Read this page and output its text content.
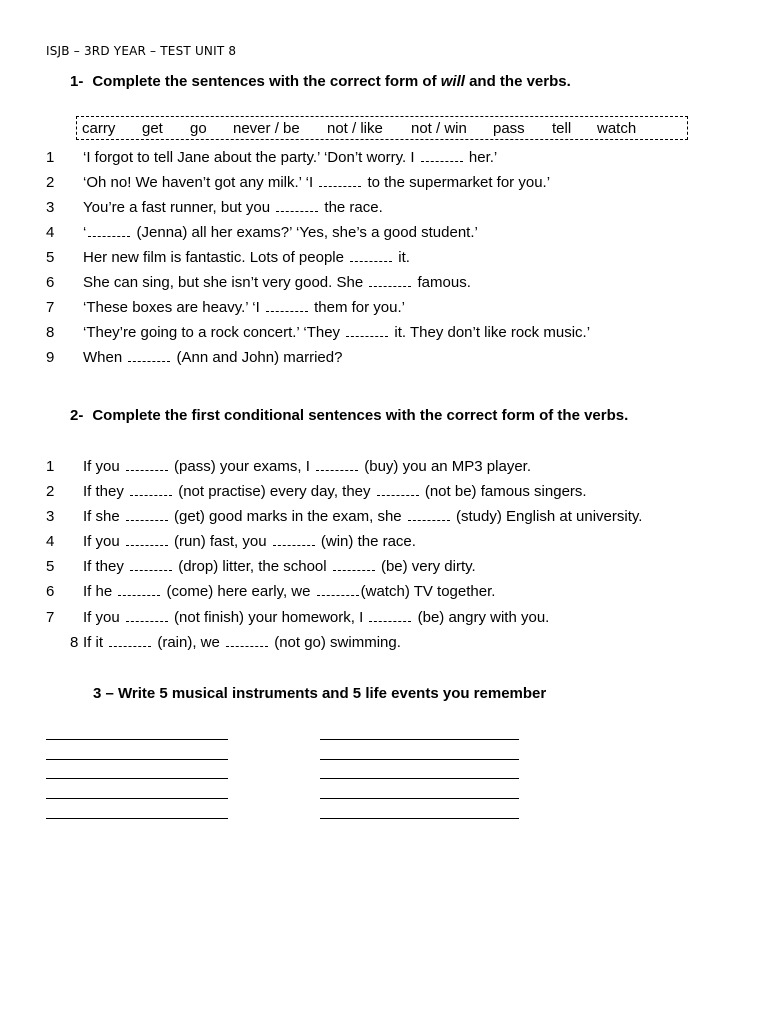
ISJB – 3RD YEAR – TEST UNIT 8
1- Complete the sentences with the correct form of will and the verbs.
carry get go never / be not / like not / win pass tell watch
1 ‘I forgot to tell Jane about the party.’ ‘Don’t worry. I	her.’
2 ‘Oh no! We haven’t got any milk.’ ‘I	to the supermarket for you.’
3 You’re a fast runner, but you	the race.
4 ‘	(Jenna) all her exams?’ ‘Yes, she’s a good student.’
5 Her new film is fantastic. Lots of people	it.
6 She can sing, but she isn’t very good. She	famous.
7 ‘These boxes are heavy.’ ‘I	them for you.’
8 ‘They’re going to a rock concert.’ ‘They	it. They don’t like rock music.’
9 When	(Ann and John) married?
2- Complete the first conditional sentences with the correct form of the verbs.
1 If you	(pass) your exams, I	(buy) you an MP3 player.
2 If they	(not practise) every day, they	(not be) famous singers.
3 If she	(get) good marks in the exam, she	(study) English at university.
4 If you	(run) fast, you	(win) the race.
5 If they	(drop) litter, the school	(be) very dirty.
6 If he	(come) here early, we	(watch) TV together.
7 If you	(not finish) your homework, I	(be) angry with you.
8 If it	(rain), we	(not go) swimming.
3 – Write 5 musical instruments and 5 life events you remember
